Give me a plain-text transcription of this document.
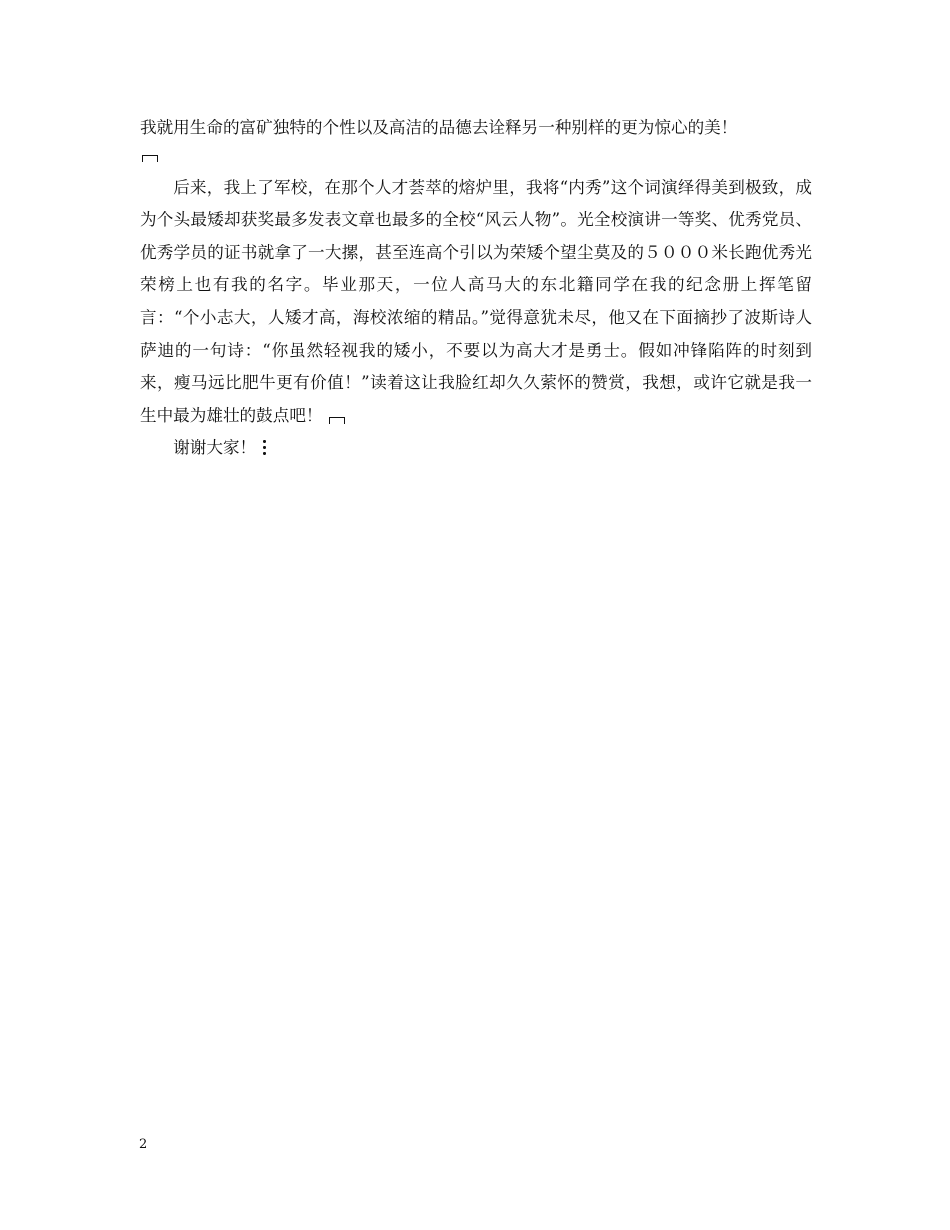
我就用生命的富矿独特的个性以及高洁的品德去诠释另一种别样的更为惊心的美！

后来，我上了军校，在那个人才荟萃的熔炉里，我将“内秀”这个词演绎得美到极致，成为个头最矮却获奖最多发表文章也最多的全校“风云人物”。光全校演讲一等奖、优秀党员、优秀学员的证书就拿了一大摞，甚至连高个引以为荣矮个望尘莫及的５０００米长跑优秀光荣榜上也有我的名字。毕业那天，一位人高马大的东北籍同学在我的纪念册上挥笔留言：“个小志大，人矮才高，海校浓缩的精品。”觉得意犹未尽，他又在下面摘抄了波斯诗人萨迪的一句诗：“你虽然轻视我的矮小，不要以为高大才是勇士。假如冲锋陷阵的时刻到来，瘦马远比肥牛更有价值！”读着这让我脸红却久久萦怀的赞赏，我想，或许它就是我一生中最为雄壮的鼓点吧！

谢谢大家！

2
